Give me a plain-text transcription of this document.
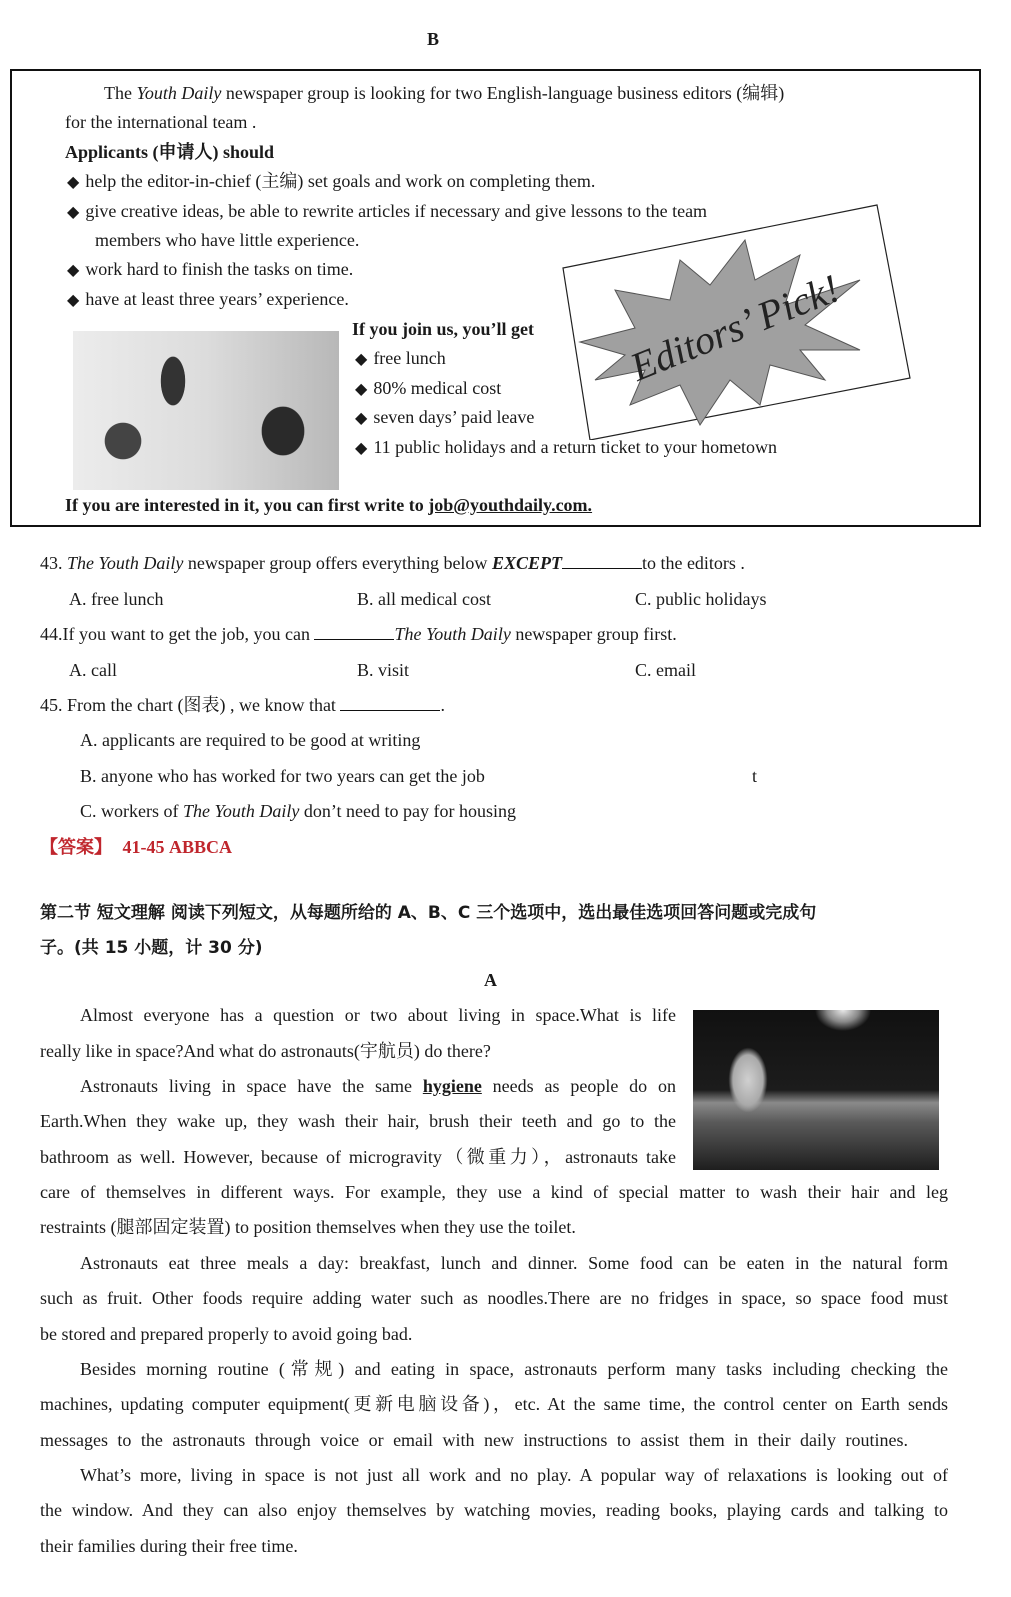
B
The Youth Daily newspaper group is looking for two English-language business editors (编辑)
for the international team .
Applicants (申请人) should
◆ help the editor-in-chief (主编) set goals and work on completing them.
◆ give creative ideas, be able to rewrite articles if necessary and give lessons to the team
members who have little experience.
◆ work hard to finish the tasks on time.
◆ have at least three years’ experience.	Editors’ Pick!
If you join us, you’ll get
◆ free lunch
◆ 80% medical cost
◆ seven days’ paid leave
◆ 11 public holidays and a return ticket to your hometown
If you are interested in it, you can first write to job@youthdaily.com.
43. The Youth Daily newspaper group offers everything below EXCEPT	to the editors .
A. free lunch	B. all medical cost	C. public holidays
44.If you want to get the job, you can	The Youth Daily newspaper group first.
A. call	B. visit	C. email
45. From the chart (图表) , we know that	.
A. applicants are required to be good at writing
B. anyone who has worked for two years can get the job	t
C. workers of The Youth Daily don’t need to pay for housing
【答案】 41-45 ABBCA
第二节 短文理解 阅读下列短文，从每题所给的 A、B、C 三个选项中，选出最佳选项回答问题或完成句
子。(共 15 小题，计 30 分)
A
Almost everyone has a question or two about living in space.What is life
really like in space?And what do astronauts(宇航员) do there?
Astronauts living in space have the same hygiene needs as people do on
Earth.When they wake up, they wash their hair, brush their teeth and go to the
bathroom as well. However, because of microgravity（微重力），astronauts take
care of themselves in different ways. For example, they use a kind of special matter to wash their hair and leg
restraints (腿部固定装置) to position themselves when they use the toilet.
Astronauts eat three meals a day: breakfast, lunch and dinner. Some food can be eaten in the natural form
such as fruit. Other foods require adding water such as noodles.There are no fridges in space, so space food must
be stored and prepared properly to avoid going bad.
Besides morning routine (常规) and eating in space, astronauts perform many tasks including checking the
machines, updating computer equipment(更新电脑设备)，etc. At the same time, the control center on Earth sends
messages to the astronauts through voice or email with new instructions to assist them in their daily routines.
What’s more, living in space is not just all work and no play. A popular way of relaxations is looking out of
the window. And they can also enjoy themselves by watching movies, reading books, playing cards and talking to
their families during their free time.
